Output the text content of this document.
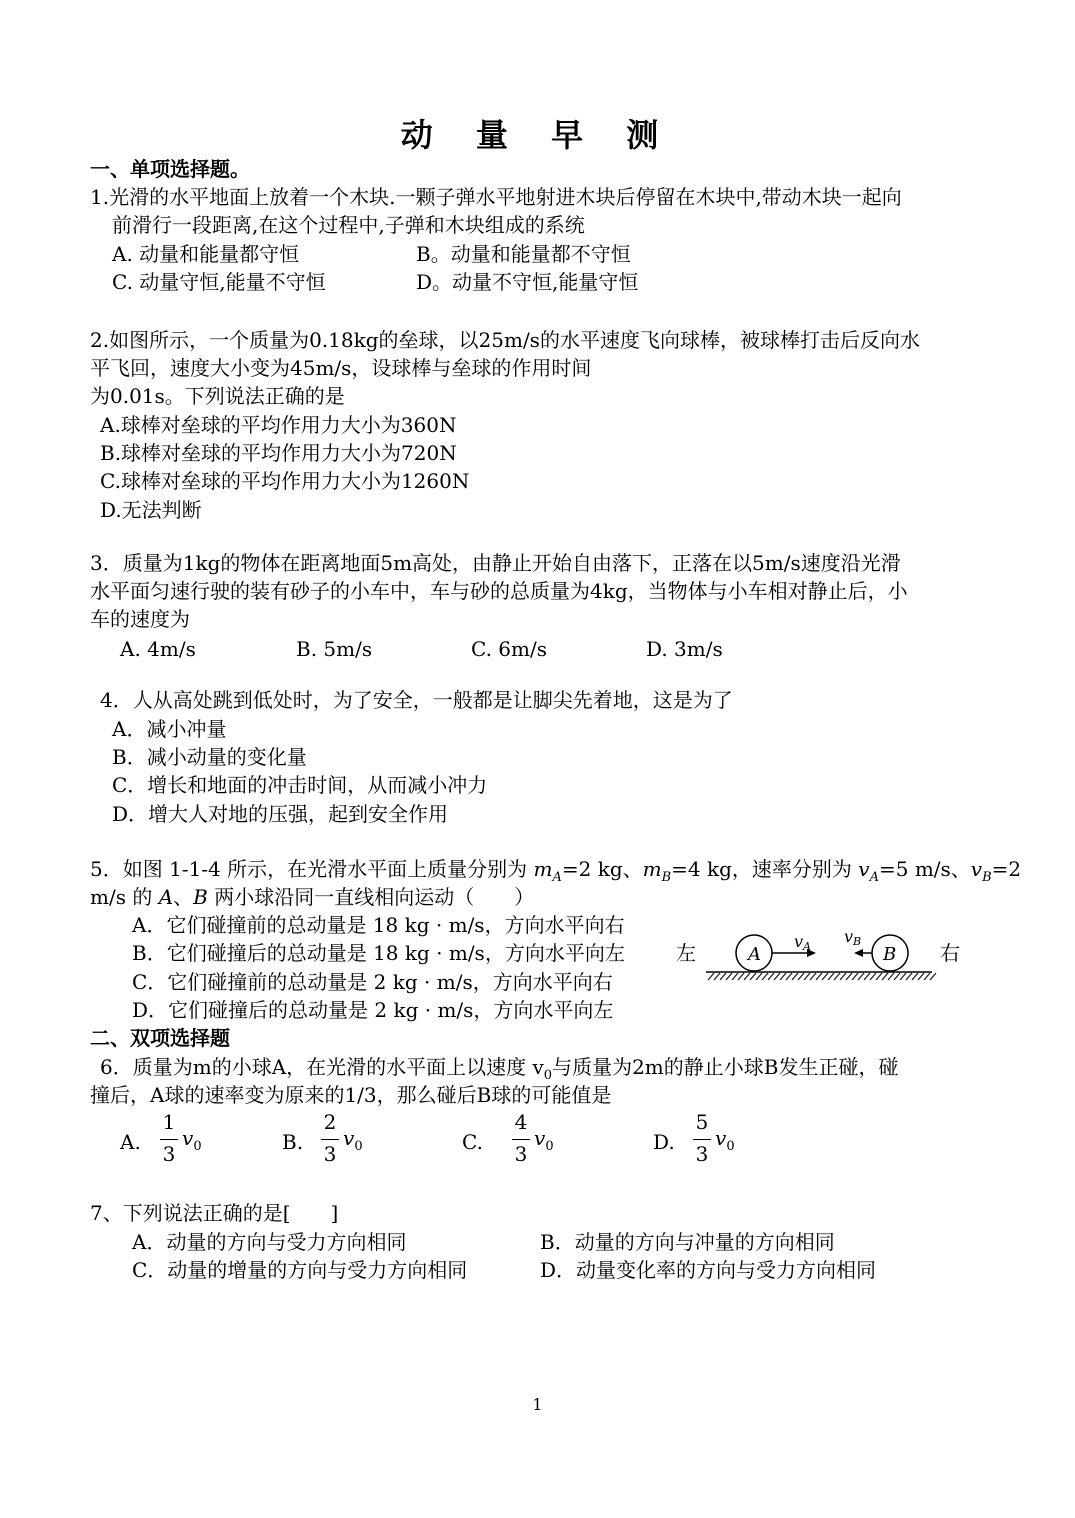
动 量 早 测
一、单项选择题。
1.光滑的水平地面上放着一个木块.一颗子弹水平地射进木块后停留在木块中,带动木块一起向
前滑行一段距离,在这个过程中,子弹和木块组成的系统
A. 动量和能量都守恒	B。动量和能量都不守恒
C. 动量守恒,能量不守恒	D。动量不守恒,能量守恒
2.如图所示，一个质量为0.18kg的垒球，以25m/s的水平速度飞向球棒，被球棒打击后反向水
平飞回，速度大小变为45m/s，设球棒与垒球的作用时间
为0.01s。下列说法正确的是
A.球棒对垒球的平均作用力大小为360N
B.球棒对垒球的平均作用力大小为720N
C.球棒对垒球的平均作用力大小为1260N
D.无法判断
3．质量为1kg的物体在距离地面5m高处，由静止开始自由落下，正落在以5m/s速度沿光滑
水平面匀速行驶的装有砂子的小车中，车与砂的总质量为4kg，当物体与小车相对静止后，小
车的速度为
A. 4m/s	B. 5m/s	C. 6m/s	D. 3m/s
4．人从高处跳到低处时，为了安全，一般都是让脚尖先着地，这是为了
A．减小冲量
B．减小动量的变化量
C．增长和地面的冲击时间，从而减小冲力
D．增大人对地的压强，起到安全作用
5．如图 1-1-4 所示，在光滑水平面上质量分别为 $m_A=2$ kg、$m_B=4$ kg，速率分别为 $v_A=5$ m/s、$v_B=2$
m/s 的 A、B 两小球沿同一直线相向运动（　　）
A．它们碰撞前的总动量是 18 kg · m/s，方向水平向右
B．它们碰撞后的总动量是 18 kg · m/s，方向水平向左
C．它们碰撞前的总动量是 2 kg · m/s，方向水平向右
D．它们碰撞后的总动量是 2 kg · m/s，方向水平向左
左	右
A	B
vA
vB
二、双项选择题
6．质量为m的小球A，在光滑的水平面上以速度 $v_0$与质量为2m的静止小球B发生正碰，碰
撞后，A球的速率变为原来的1/3，那么碰后B球的可能值是
A.
1
3
$v_0$	B.
2
3
$v_0$	C.
4
3
$v_0$	D.
5
3
$v_0$
7、下列说法正确的是[　　]
A．动量的方向与受力方向相同	B．动量的方向与冲量的方向相同
C．动量的增量的方向与受力方向相同	D．动量变化率的方向与受力方向相同
1
